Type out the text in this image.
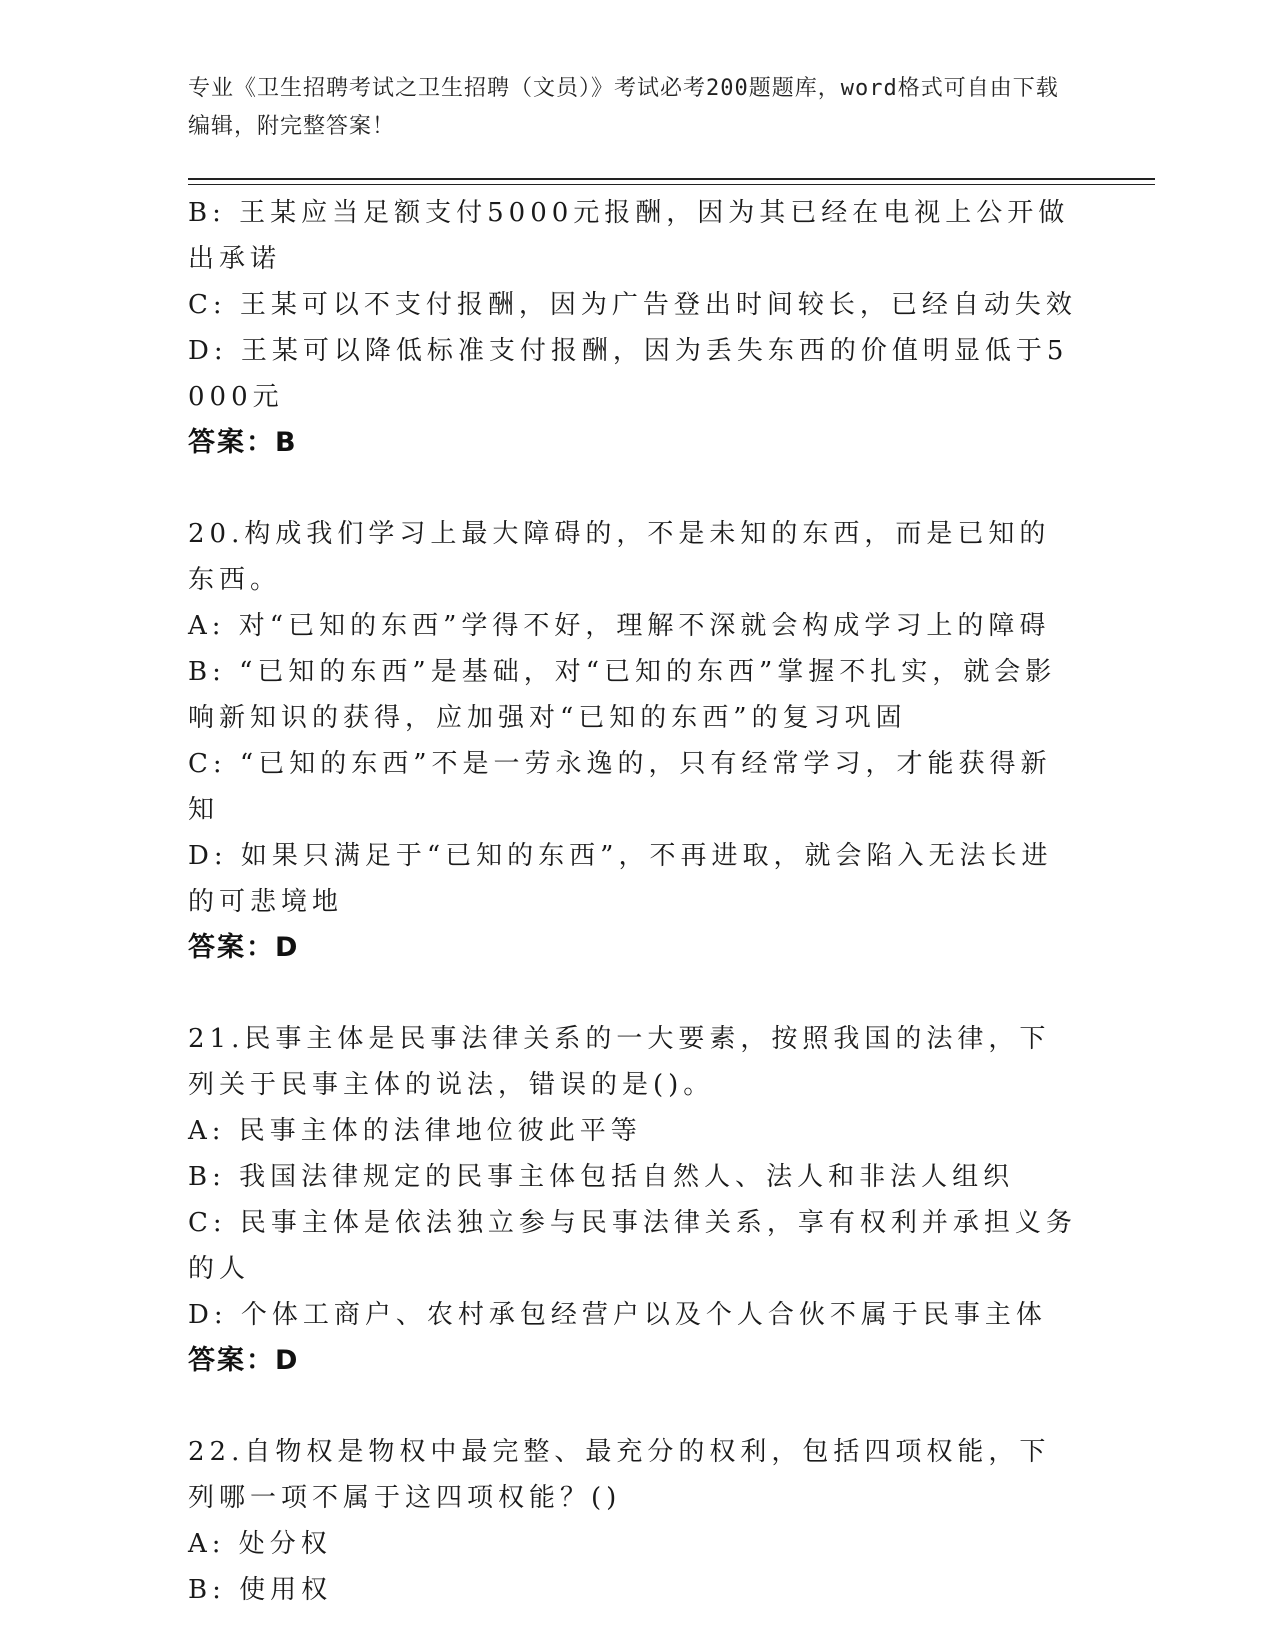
专业《卫生招聘考试之卫生招聘（文员）》考试必考200题题库，word格式可自由下载编辑，附完整答案！
B: 王某应当足额支付5000元报酬，因为其已经在电视上公开做出承诺
C: 王某可以不支付报酬，因为广告登出时间较长，已经自动失效
D: 王某可以降低标准支付报酬，因为丢失东西的价值明显低于5000元
答案：B
20.构成我们学习上最大障碍的，不是未知的东西，而是已知的东西。
A: 对“已知的东西”学得不好，理解不深就会构成学习上的障碍
B: “已知的东西”是基础，对“已知的东西”掌握不扎实，就会影响新知识的获得，应加强对“已知的东西”的复习巩固
C: “已知的东西”不是一劳永逸的，只有经常学习，才能获得新知
D: 如果只满足于“已知的东西”，不再进取，就会陷入无法长进的可悲境地
答案：D
21.民事主体是民事法律关系的一大要素，按照我国的法律，下列关于民事主体的说法，错误的是()。
A: 民事主体的法律地位彼此平等
B: 我国法律规定的民事主体包括自然人、法人和非法人组织
C: 民事主体是依法独立参与民事法律关系，享有权利并承担义务的人
D: 个体工商户、农村承包经营户以及个人合伙不属于民事主体
答案：D
22.自物权是物权中最完整、最充分的权利，包括四项权能，下列哪一项不属于这四项权能？()
A: 处分权
B: 使用权
